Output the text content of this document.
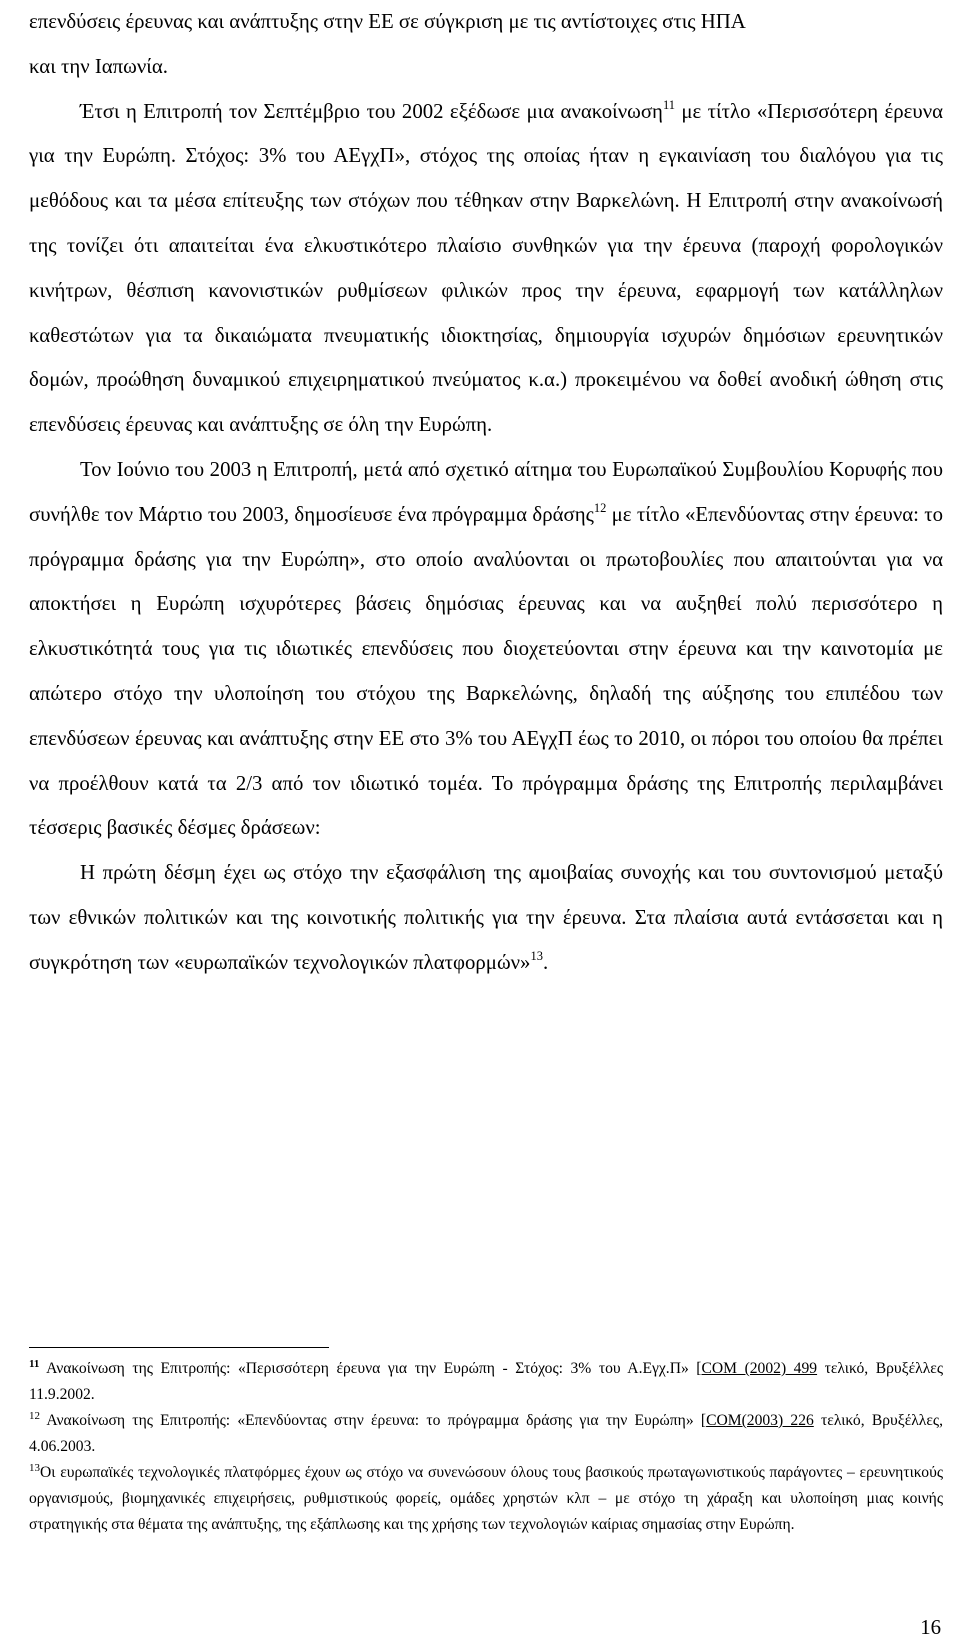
επενδύσεις έρευνας και ανάπτυξης στην ΕΕ σε σύγκριση με τις αντίστοιχες στις ΗΠΑ
και την Ιαπωνία.

Έτσι η Επιτροπή τον Σεπτέμβριο του 2002 εξέδωσε μια ανακοίνωση$^{11}$ με τίτλο «Περισσότερη έρευνα για την Ευρώπη. Στόχος: 3% του ΑΕγχΠ», στόχος της οποίας ήταν η εγκαινίαση του διαλόγου για τις μεθόδους και τα μέσα επίτευξης των στόχων που τέθηκαν στην Βαρκελώνη. Η Επιτροπή στην ανακοίνωσή της τονίζει ότι απαιτείται ένα ελκυστικότερο πλαίσιο συνθηκών για την έρευνα (παροχή φορολογικών κινήτρων, θέσπιση κανονιστικών ρυθμίσεων φιλικών προς την έρευνα, εφαρμογή των κατάλληλων καθεστώτων για τα δικαιώματα πνευματικής ιδιοκτησίας, δημιουργία ισχυρών δημόσιων ερευνητικών δομών, προώθηση δυναμικού επιχειρηματικού πνεύματος κ.α.) προκειμένου να δοθεί ανοδική ώθηση στις επενδύσεις έρευνας και ανάπτυξης σε όλη την Ευρώπη.

Τον Ιούνιο του 2003 η Επιτροπή, μετά από σχετικό αίτημα του Ευρωπαϊκού Συμβουλίου Κορυφής που συνήλθε τον Μάρτιο του 2003, δημοσίευσε ένα πρόγραμμα δράσης$^{12}$ με τίτλο «Επενδύοντας στην έρευνα: το πρόγραμμα δράσης για την Ευρώπη», στο οποίο αναλύονται οι πρωτοβουλίες που απαιτούνται για να αποκτήσει η Ευρώπη ισχυρότερες βάσεις δημόσιας έρευνας και να αυξηθεί πολύ περισσότερο η ελκυστικότητά τους για τις ιδιωτικές επενδύσεις που διοχετεύονται στην έρευνα και την καινοτομία με απώτερο στόχο την υλοποίηση του στόχου της Βαρκελώνης, δηλαδή της αύξησης του επιπέδου των επενδύσεων έρευνας και ανάπτυξης στην ΕΕ στο 3% του ΑΕγχΠ έως το 2010, οι πόροι του οποίου θα πρέπει να προέλθουν κατά τα 2/3 από τον ιδιωτικό τομέα. Το πρόγραμμα δράσης της Επιτροπής περιλαμβάνει τέσσερις βασικές δέσμες δράσεων:

Η πρώτη δέσμη έχει ως στόχο την εξασφάλιση της αμοιβαίας συνοχής και του συντονισμού μεταξύ των εθνικών πολιτικών και της κοινοτικής πολιτικής για την έρευνα. Στα πλαίσια αυτά εντάσσεται και η συγκρότηση των «ευρωπαϊκών τεχνολογικών πλατφορμών»$^{13}$.

$^{11}$ Ανακοίνωση της Επιτροπής: «Περισσότερη έρευνα για την Ευρώπη - Στόχος: 3% του Α.Εγχ.Π» [COM (2002) 499 τελικό, Βρυξέλλες 11.9.2002.

$^{12}$ Ανακοίνωση της Επιτροπής: «Επενδύοντας στην έρευνα: το πρόγραμμα δράσης για την Ευρώπη» [COM(2003) 226 τελικό, Βρυξέλλες, 4.06.2003.

$^{13}$Οι ευρωπαϊκές τεχνολογικές πλατφόρμες έχουν ως στόχο να συνενώσουν όλους τους βασικούς πρωταγωνιστικούς παράγοντες – ερευνητικούς οργανισμούς, βιομηχανικές επιχειρήσεις, ρυθμιστικούς φορείς, ομάδες χρηστών κλπ – με στόχο τη χάραξη και υλοποίηση μιας κοινής στρατηγικής στα θέματα της ανάπτυξης, της εξάπλωσης και της χρήσης των τεχνολογιών καίριας σημασίας στην Ευρώπη.

16
